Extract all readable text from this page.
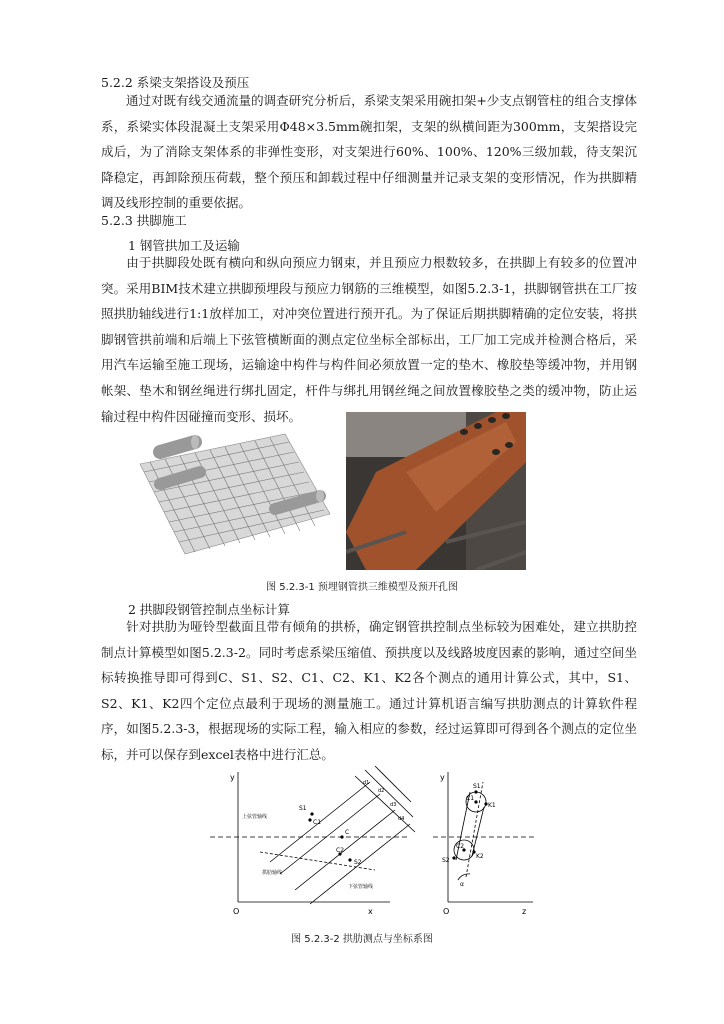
5.2.2 系梁支架搭设及预压
通过对既有线交通流量的调查研究分析后，系梁支架采用碗扣架+少支点钢管柱的组合支撑体系，系梁实体段混凝土支架采用Φ48×3.5mm碗扣架，支架的纵横间距为300mm，支架搭设完成后，为了消除支架体系的非弹性变形，对支架进行60%、100%、120%三级加载，待支架沉降稳定，再卸除预压荷载，整个预压和卸载过程中仔细测量并记录支架的变形情况，作为拱脚精调及线形控制的重要依据。
5.2.3 拱脚施工
1 钢管拱加工及运输
由于拱脚段处既有横向和纵向预应力钢束，并且预应力根数较多，在拱脚上有较多的位置冲突。采用BIM技术建立拱脚预埋段与预应力钢筋的三维模型，如图5.2.3-1，拱脚钢管拱在工厂按照拱肋轴线进行1:1放样加工，对冲突位置进行预开孔。为了保证后期拱脚精确的定位安装，将拱脚钢管拱前端和后端上下弦管横断面的测点定位坐标全部标出，工厂加工完成并检测合格后，采用汽车运输至施工现场，运输途中构件与构件间必须放置一定的垫木、橡胶垫等缓冲物，并用钢帐架、垫木和钢丝绳进行绑扎固定，杆件与绑扎用钢丝绳之间放置橡胶垫之类的缓冲物，防止运输过程中构件因碰撞而变形、损坏。
图 5.2.3-1 预埋钢管拱三维模型及预开孔图
2 拱脚段钢管控制点坐标计算
针对拱肋为哑铃型截面且带有倾角的拱桥，确定钢管拱控制点坐标较为困难处，建立拱肋控制点计算模型如图5.2.3-2。同时考虑系梁压缩值、预拱度以及线路坡度因素的影响，通过空间坐标转换推导即可得到C、S1、S2、C1、C2、K1、K2各个测点的通用计算公式，其中，S1、S2、K1、K2四个定位点最利于现场的测量施工。通过计算机语言编写拱肋测点的计算软件程序，如图5.2.3-3，根据现场的实际工程，输入相应的参数，经过运算即可得到各个测点的定位坐标，并可以保存到excel表格中进行汇总。
y
O	x
上弦管轴线
拱肋轴线
下弦管轴线
S1
C1
C
C2
S2
d1
d2
d3
d4
y
O	z
S1
K1
C1
C2
S2
K2
α
图 5.2.3-2 拱肋测点与坐标系图
